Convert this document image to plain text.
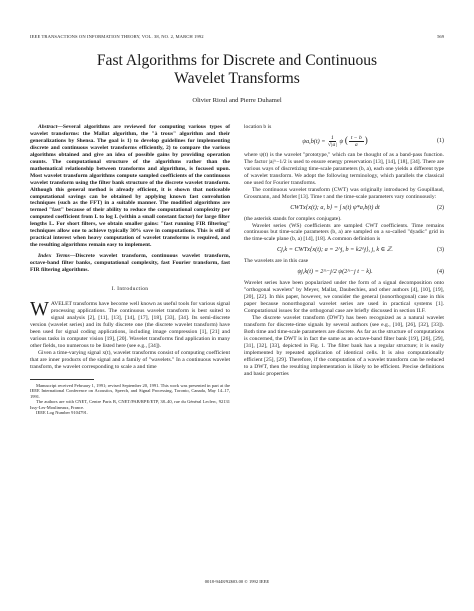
IEEE TRANSACTIONS ON INFORMATION THEORY, VOL. 38, NO. 2, MARCH 1992	569
Fast Algorithms for Discrete and Continuous
Wavelet Transforms
Olivier Rioul and Pierre Duhamel

Abstract—Several algorithms are reviewed for computing various types of wavelet transforms: the Mallat algorithm, the "à trous" algorithm and their generalizations by Shensa. The goal is 1) to develop guidelines for implementing discrete and continuous wavelet transforms efficiently, 2) to compare the various algorithms obtained and give an idea of possible gains by providing operation counts. The computational structure of the algorithms rather than the mathematical relationship between transforms and algorithms, is focused upon. Most wavelet transform algorithms compute sampled coefficients of the continuous wavelet transform using the filter bank structure of the discrete wavelet transform. Although this general method is already efficient, it is shown that noticeable computational savings can be obtained by applying known fast convolution techniques (such as the FFT) in a suitable manner. The modified algorithms are termed "fast" because of their ability to reduce the computational complexity per computed coefficient from L to log L (within a small constant factor) for large filter lengths L. For short filters, we obtain smaller gains: "fast running FIR filtering" techniques allow one to achieve typically 30% save in computations. This is still of practical interest when heavy computation of wavelet transforms is required, and the resulting algorithms remain easy to implement.

Index Terms—Discrete wavelet transform, continuous wavelet transform, octave-band filter banks, computational complexity, fast Fourier transform, fast FIR filtering algorithms.

I. Introduction

WAVELET transforms have become well known as useful tools for various signal processing applications. The continuous wavelet transform is best suited to signal analysis [2], [11], [13], [14], [17], [18], [33], [34]. Its semi-discrete version (wavelet series) and its fully discrete one (the discrete wavelet transform) have been used for signal coding applications, including image compression [1], [21] and various tasks in computer vision [19], [20]. Wavelet transforms find application in many other fields, too numerous to be listed here (see e.g., [34]).

Given a time-varying signal x(t), wavelet transforms consist of computing coefficient that are inner products of the signal and a family of "wavelets." In a continuous wavelet transform, the wavelet corresponding to scale a and time

Manuscript received February 1, 1991; revised September 20, 1991. This work was presented in part at the IEEE International Conference on Acoustics, Speech, and Signal Processing, Toronto, Canada, May 14–17, 1991.

The authors are with CNET, Centre Paris B, CNET/PAB/RPE/ETP, 38–40, rue du Général Leclerc, 92131 Issy-Les-Moulineaux, France.

IEEE Log Number 9104791.

location b is

$\psi a,b(t) = \frac{1}{√|a|}$ ψ ( $\frac{t - b}{a}$ )	(1)

where ψ(t) is the wavelet "prototype," which can be thought of as a band-pass function. The factor |a|^−1/2 is used to ensure energy preservation [13], [14], [18], [34]. There are various ways of discretizing time-scale parameters (b, a), each one yields a different type of wavelet transform. We adopt the following terminology, which parallels the classical one used for Fourier transforms.

The continuous wavelet transform (CWT) was originally introduced by Goupillaud, Grossmann, and Morlet [13]. Time t and the time-scale parameters vary continuously:

CWTx{x(t); a, b} = ∫ x(t) ψ*a,b(t) dt	(2)

(the asterisk stands for complex conjugate).

Wavelet series (WS) coefficients are sampled CWT coefficients. Time remains continuous but time-scale parameters (b, a) are sampled on a so-called "dyadic" grid in the time-scale plane (b, a) [14], [18]. A common definition is

Cj,k = CWTx{x(t); a = 2^j, b = k2^j}, j, k ∈ ℤ.	(3)

The wavelets are in this case

ψj,k(t) = 2^−j/2 ψ(2^−j t − k).	(4)

Wavelet series have been popularized under the form of a signal decomposition onto "orthogonal wavelets" by Meyer, Mallat, Daubechies, and other authors [4], [10], [19], [20], [22]. In this paper, however, we consider the general (nonorthogonal) case in this paper because nonorthogonal wavelet series are used in practical systems [1]. Computational issues for the orthogonal case are briefly discussed in section II.F.

The discrete wavelet transform (DWT) has been recognized as a natural wavelet transform for discrete-time signals by several authors (see e.g., [10], [26], [32], [33]). Both time and time-scale parameters are discrete. As far as the structure of computations is concerned, the DWT is in fact the same as an octave-band filter bank [19], [26], [29], [31], [32], [33], depicted in Fig. 1. The filter bank has a regular structure; it is easily implemented by repeated application of identical cells. It is also computationally efficient [25], [29]. Therefore, if the computation of a wavelet transform can be reduced to a DWT, then the resulting implementation is likely to be efficient. Precise definitions and basic properties

0018-9448/92$03.00 © 1992 IEEE
